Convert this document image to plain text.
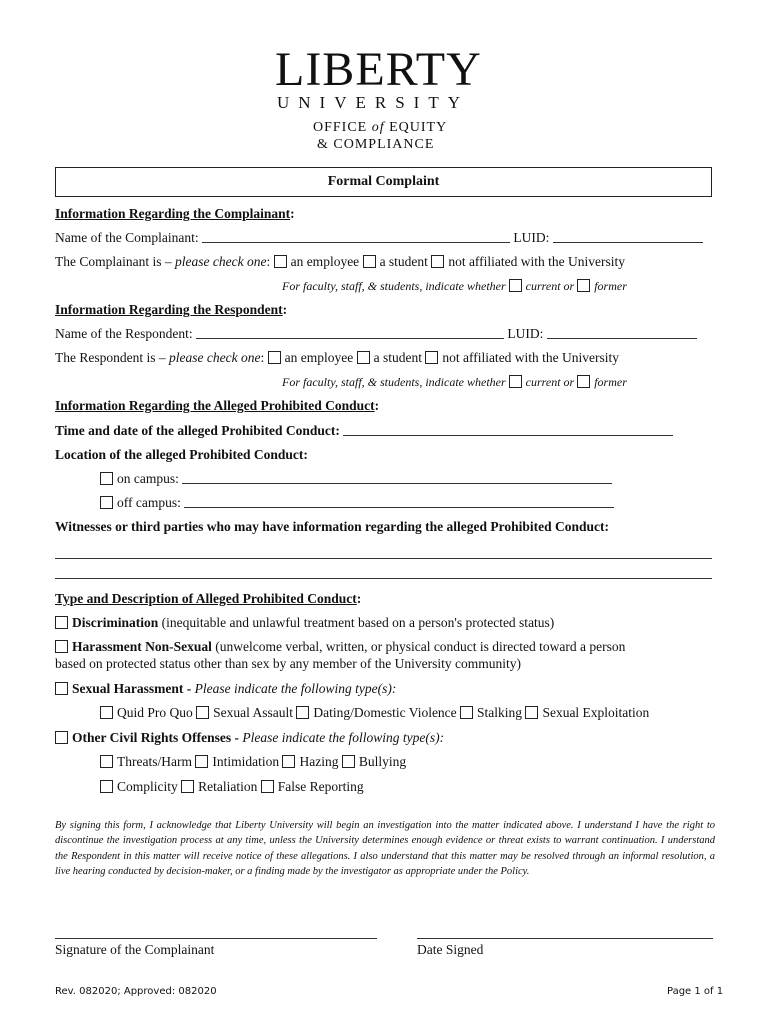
LIBERTY
UNIVERSITY
OFFICE of EQUITY
& COMPLIANCE
Formal Complaint
Information Regarding the Complainant:
Name of the Complainant:	LUID:
The Complainant is – please check one: an employee a student not affiliated with the University
For faculty, staff, & students, indicate whether current or former
Information Regarding the Respondent:
Name of the Respondent:	LUID:
The Respondent is – please check one: an employee a student not affiliated with the University
For faculty, staff, & students, indicate whether current or former
Information Regarding the Alleged Prohibited Conduct:
Time and date of the alleged Prohibited Conduct:
Location of the alleged Prohibited Conduct:
on campus:
off campus:
Witnesses or third parties who may have information regarding the alleged Prohibited Conduct:
Type and Description of Alleged Prohibited Conduct:
Discrimination (inequitable and unlawful treatment based on a person's protected status)
Harassment Non-Sexual (unwelcome verbal, written, or physical conduct is directed toward a person
based on protected status other than sex by any member of the University community)
Sexual Harassment - Please indicate the following type(s):
Quid Pro Quo Sexual Assault Dating/Domestic Violence Stalking Sexual Exploitation
Other Civil Rights Offenses - Please indicate the following type(s):
Threats/Harm Intimidation Hazing Bullying
Complicity Retaliation False Reporting
By signing this form, I acknowledge that Liberty University will begin an investigation into the matter indicated above. I understand I have the right to discontinue the investigation process at any time, unless the University determines enough evidence or threat exists to warrant continuation. I understand the Respondent in this matter will receive notice of these allegations. I also understand that this matter may be resolved through an informal resolution, a live hearing conducted by decision-maker, or a finding made by the investigator as appropriate under the Policy.
Signature of the Complainant	Date Signed
Rev. 082020; Approved: 082020	Page 1 of 1
